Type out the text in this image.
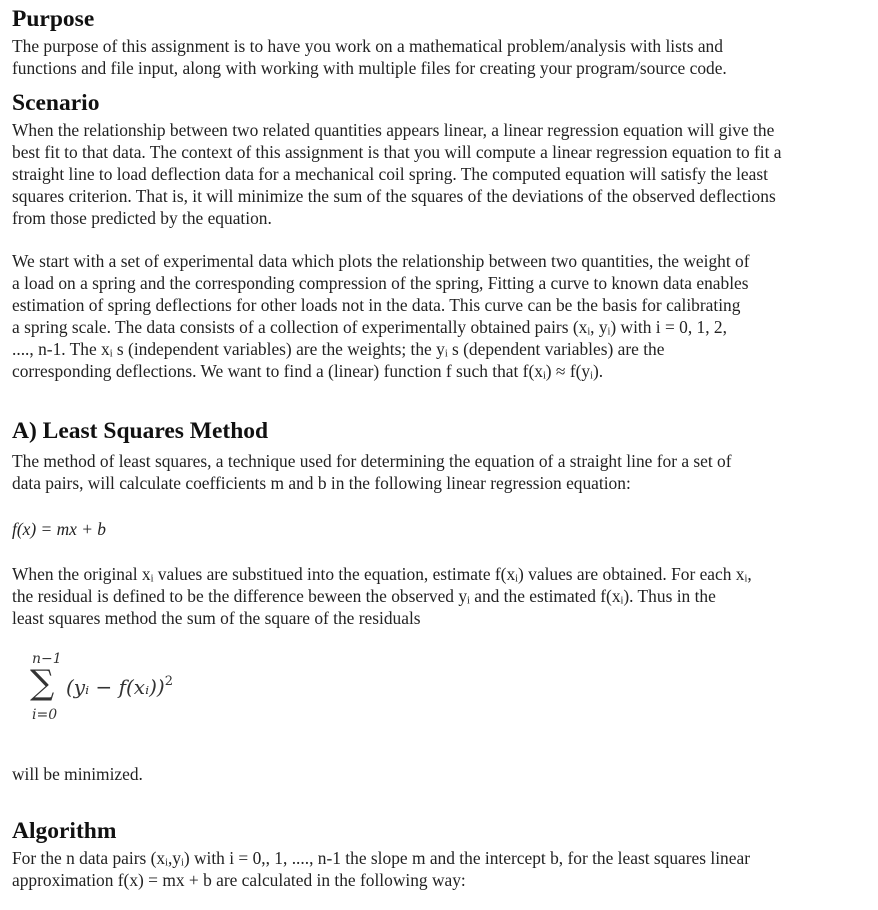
Purpose

The purpose of this assignment is to have you work on a mathematical problem/analysis with lists and

functions and file input, along with working with multiple files for creating your program/source code.

Scenario

When the relationship between two related quantities appears linear, a linear regression equation will give the

best fit to that data. The context of this assignment is that you will compute a linear regression equation to fit a

straight line to load deflection data for a mechanical coil spring. The computed equation will satisfy the least

squares criterion. That is, it will minimize the sum of the squares of the deviations of the observed deflections

from those predicted by the equation.

We start with a set of experimental data which plots the relationship between two quantities, the weight of

a load on a spring and the corresponding compression of the spring, Fitting a curve to known data enables

estimation of spring deflections for other loads not in the data. This curve can be the basis for calibrating

a spring scale. The data consists of a collection of experimentally obtained pairs (xᵢ, yᵢ) with i = 0, 1, 2,

...., n-1. The xᵢ s (independent variables) are the weights; the yᵢ s (dependent variables) are the

corresponding deflections. We want to find a (linear) function f such that f(xᵢ) ≈ f(yᵢ).

A) Least Squares Method

The method of least squares, a technique used for determining the equation of a straight line for a set of

data pairs, will calculate coefficients m and b in the following linear regression equation:

f(x) = mx + b

When the original xᵢ values are substitued into the equation, estimate f(xᵢ) values are obtained. For each xᵢ,

the residual is defined to be the difference beween the observed yᵢ and the estimated f(xᵢ). Thus in the

least squares method the sum of the square of the residuals

n−1
∑
i=0
(yᵢ − f(xᵢ))$^2$

will be minimized.

Algorithm

For the n data pairs (xᵢ,yᵢ) with i = 0,, 1, ...., n-1 the slope m and the intercept b, for the least squares linear

approximation f(x) = mx + b are calculated in the following way:
